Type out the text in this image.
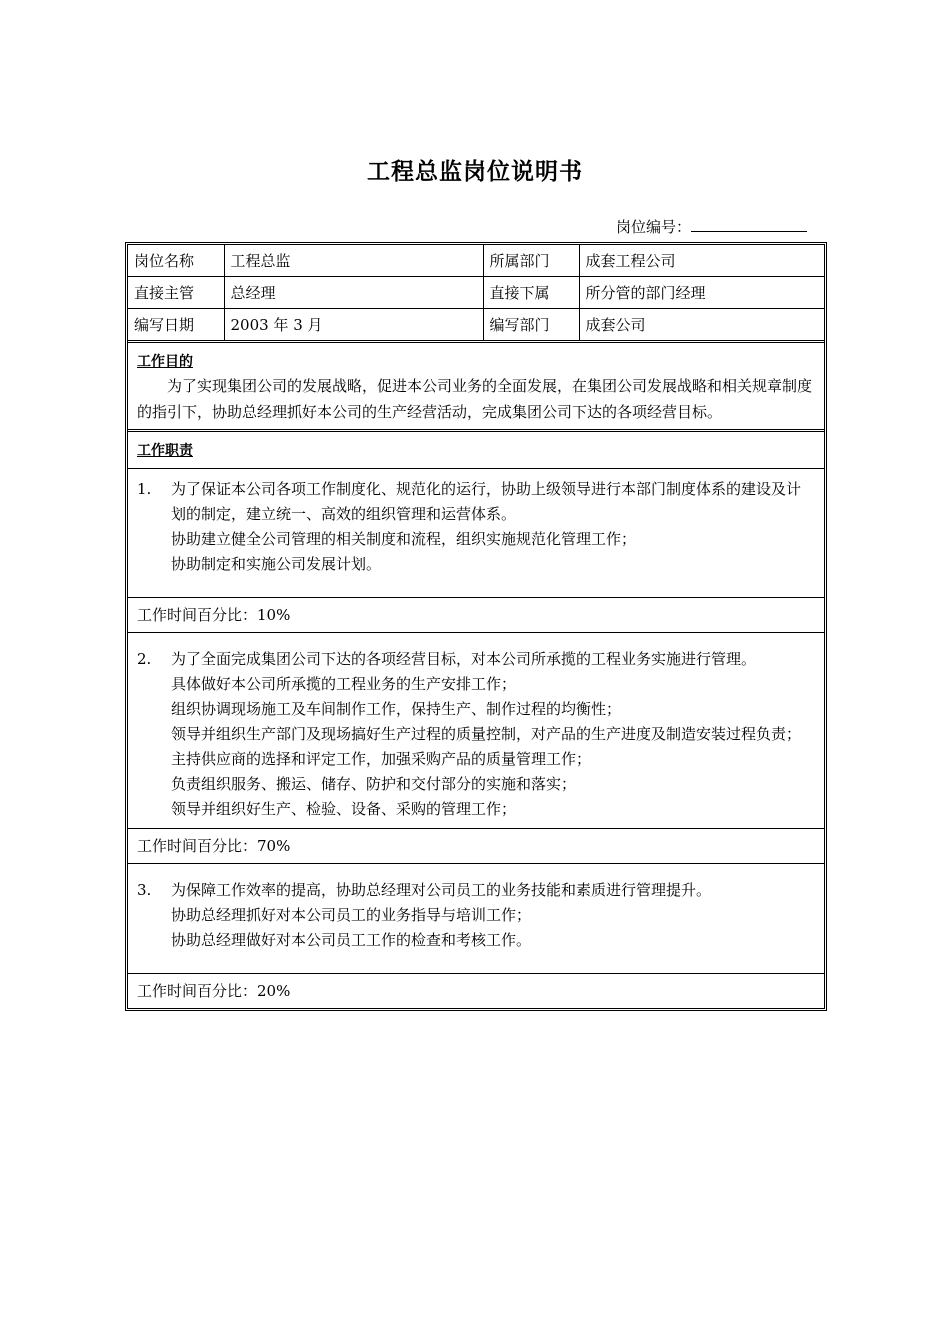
工程总监岗位说明书
岗位编号：
岗位名称	工程总监	所属部门	成套工程公司
直接主管	总经理	直接下属	所分管的部门经理
编写日期	2003 年 3 月	编写部门	成套公司
工作目的
为了实现集团公司的发展战略，促进本公司业务的全面发展，在集团公司发展战略和相关规章制度的指引下，协助总经理抓好本公司的生产经营活动，完成集团公司下达的各项经营目标。
工作职责
1.	为了保证本公司各项工作制度化、规范化的运行，协助上级领导进行本部门制度体系的建设及计划的制定，建立统一、高效的组织管理和运营体系。
协助建立健全公司管理的相关制度和流程，组织实施规范化管理工作；
协助制定和实施公司发展计划。
工作时间百分比：10%
2.	为了全面完成集团公司下达的各项经营目标，对本公司所承揽的工程业务实施进行管理。
具体做好本公司所承揽的工程业务的生产安排工作；
组织协调现场施工及车间制作工作，保持生产、制作过程的均衡性；
领导并组织生产部门及现场搞好生产过程的质量控制，对产品的生产进度及制造安装过程负责；
主持供应商的选择和评定工作，加强采购产品的质量管理工作；
负责组织服务、搬运、储存、防护和交付部分的实施和落实；
领导并组织好生产、检验、设备、采购的管理工作；
工作时间百分比：70%
3.	为保障工作效率的提高，协助总经理对公司员工的业务技能和素质进行管理提升。
协助总经理抓好对本公司员工的业务指导与培训工作；
协助总经理做好对本公司员工工作的检查和考核工作。
工作时间百分比：20%
